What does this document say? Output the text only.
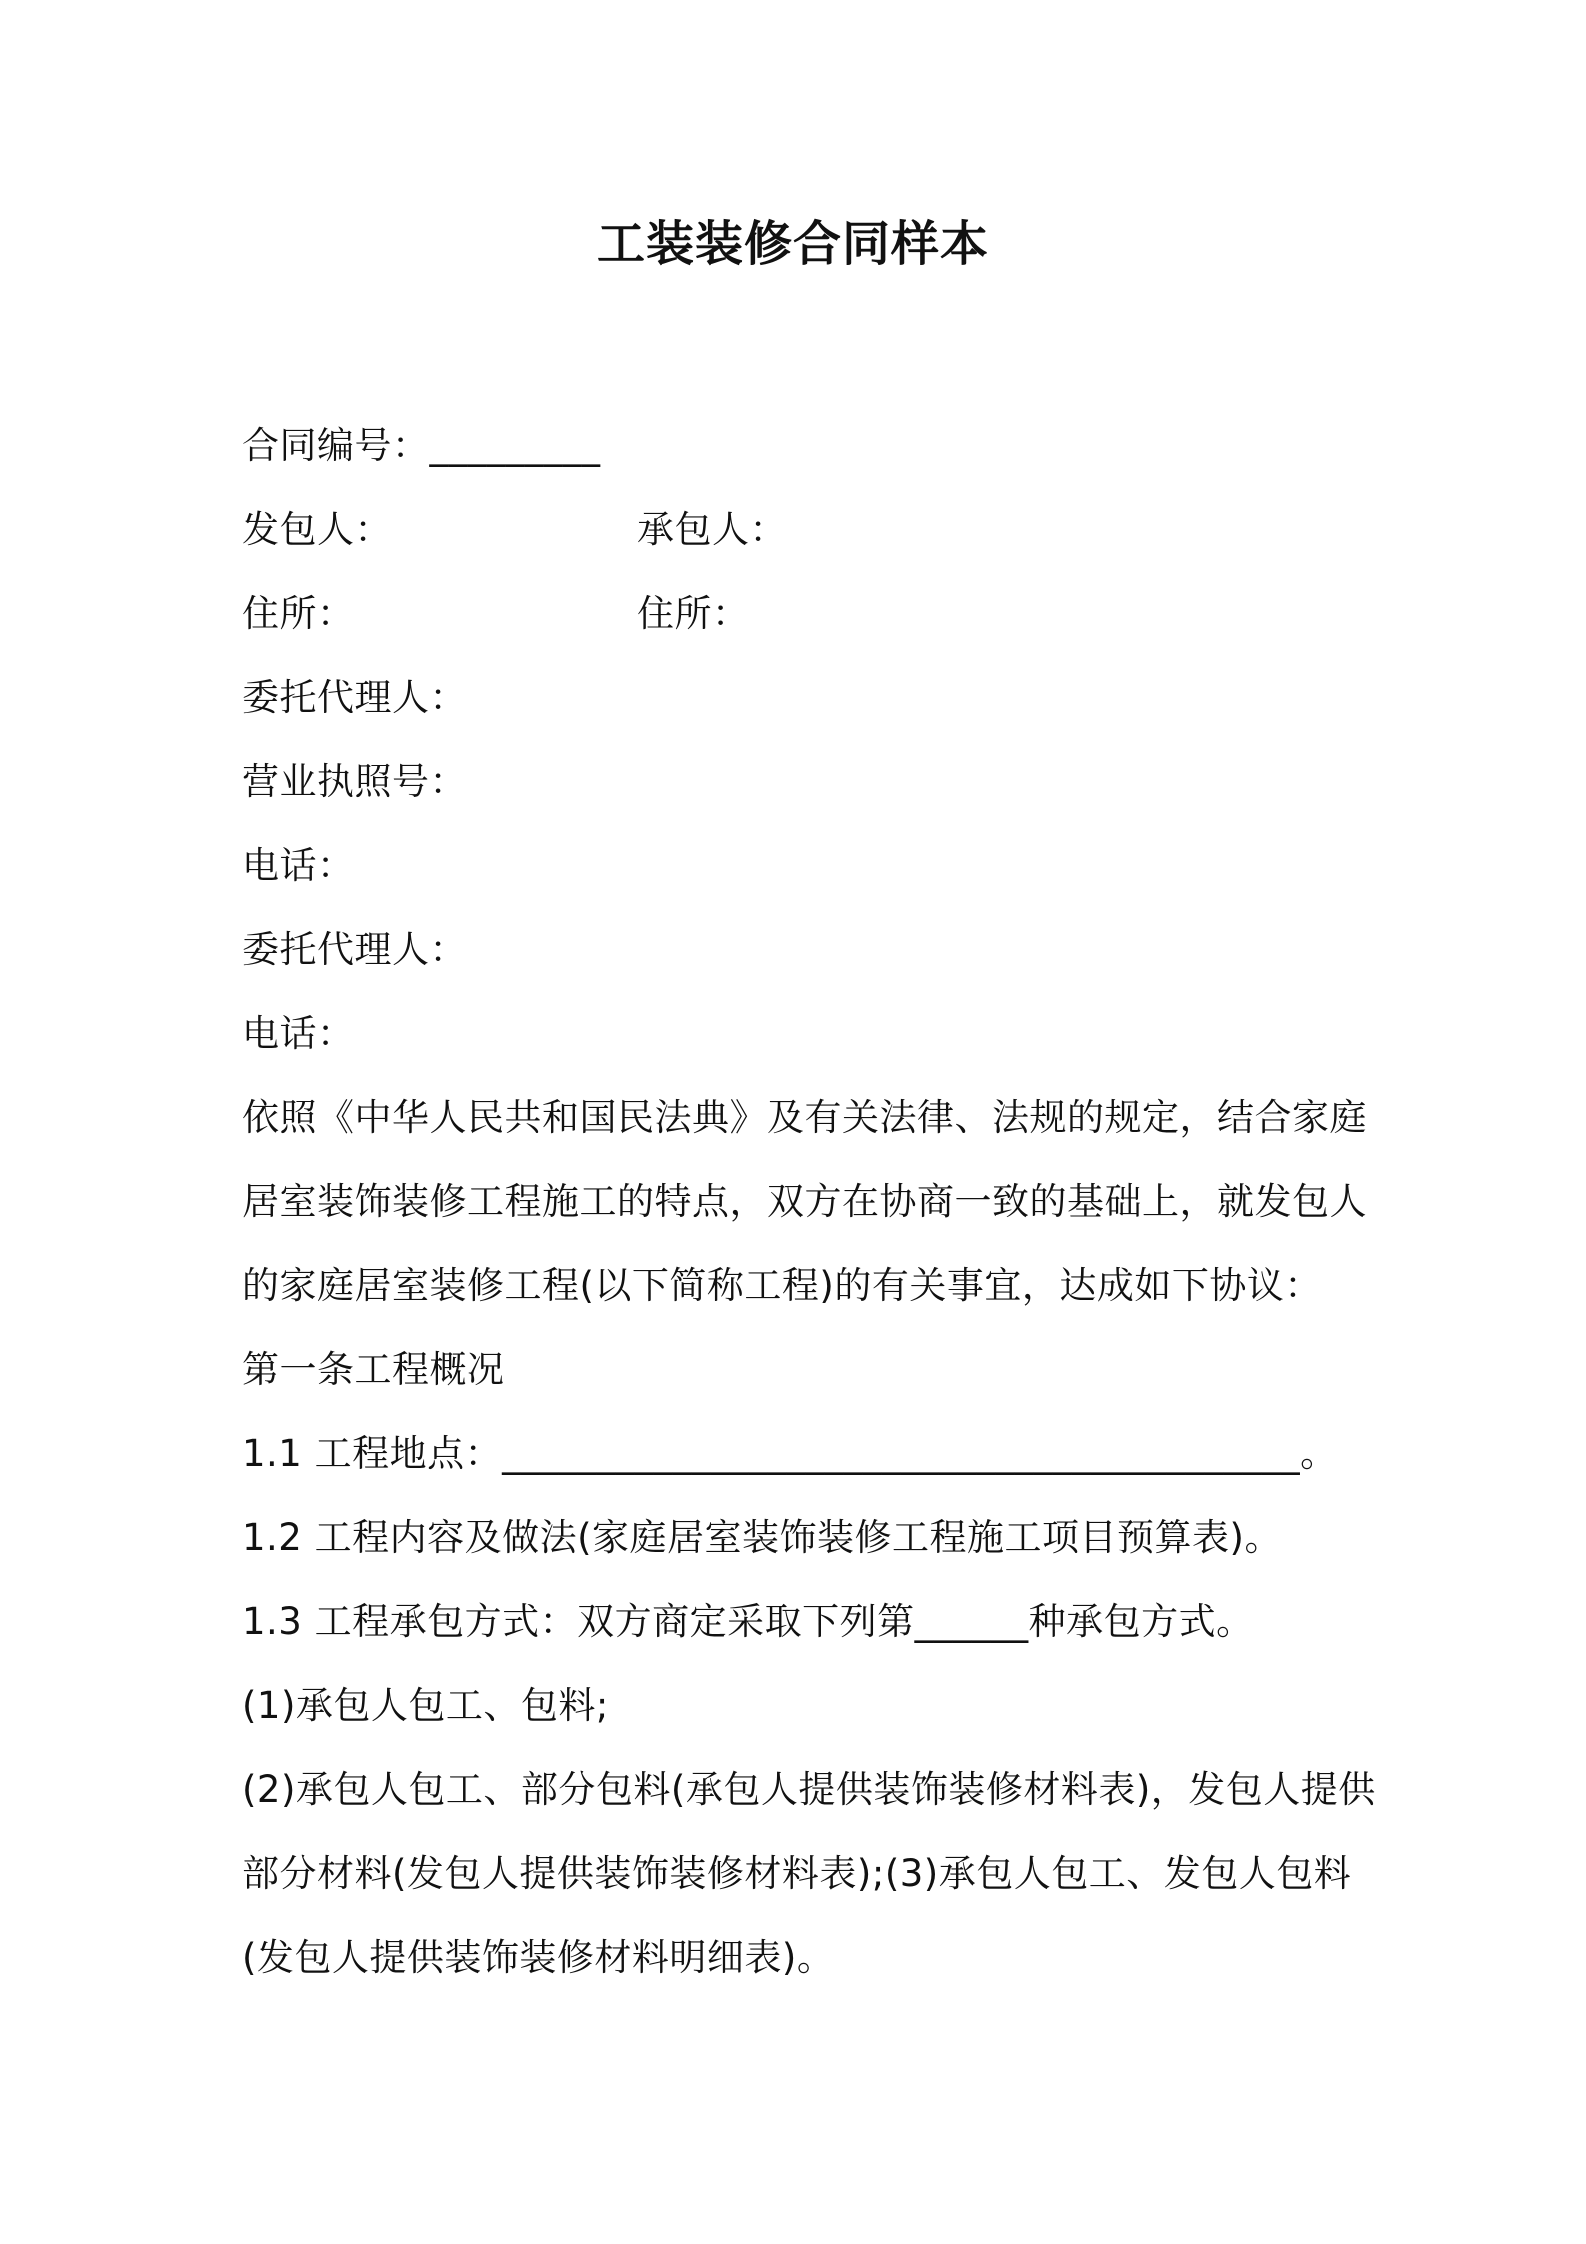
工装装修合同样本
合同编号：_________
发包人：	承包人：
住所：	住所：
委托代理人：
营业执照号：
电话：
委托代理人：
电话：
依照《中华人民共和国民法典》及有关法律、法规的规定，结合家庭
居室装饰装修工程施工的特点，双方在协商一致的基础上，就发包人
的家庭居室装修工程(以下简称工程)的有关事宜，达成如下协议：
第一条工程概况
1.1 工程地点：__________________________________________。
1.2 工程内容及做法(家庭居室装饰装修工程施工项目预算表)。
1.3 工程承包方式：双方商定采取下列第______种承包方式。
(1)承包人包工、包料;
(2)承包人包工、部分包料(承包人提供装饰装修材料表)，发包人提供
部分材料(发包人提供装饰装修材料表);(3)承包人包工、发包人包料
(发包人提供装饰装修材料明细表)。
